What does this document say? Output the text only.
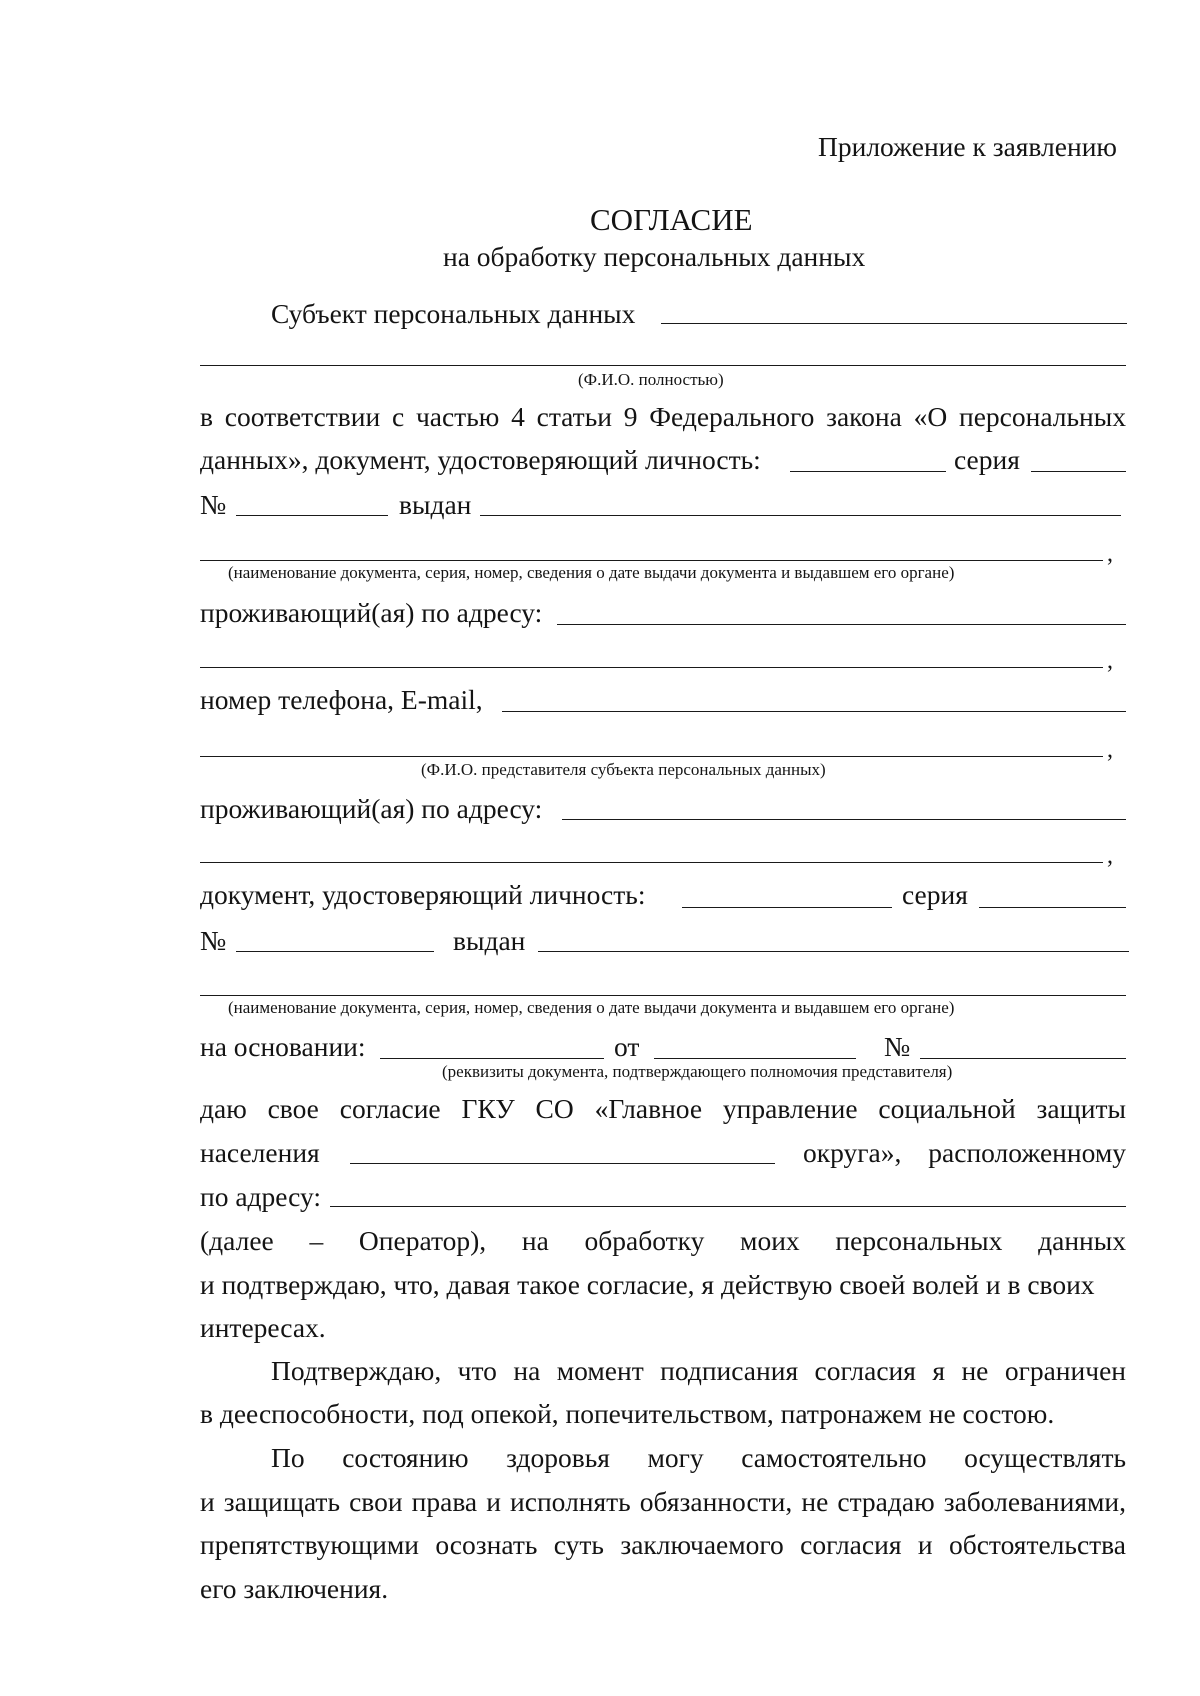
Приложение к заявлению
СОГЛАСИЕ
на обработку персональных данных
Субъект персональных данных
(Ф.И.О. полностью)
в соответствии с частью 4 статьи 9 Федерального закона «О персональных
данных», документ, удостоверяющий личность:	серия
№	выдан
,
(наименование документа, серия, номер, сведения о дате выдачи документа и выдавшем его органе)
проживающий(ая) по адресу:
,
номер телефона, E-mail,
,
(Ф.И.О. представителя субъекта персональных данных)
проживающий(ая) по адресу:
,
документ, удостоверяющий личность:	серия
№	выдан
(наименование документа, серия, номер, сведения о дате выдачи документа и выдавшем его органе)
на основании:	от	№
(реквизиты документа, подтверждающего полномочия представителя)
даю свое согласие ГКУ СО «Главное управление социальной защиты
населения	округа», расположенному
по адресу:
(далее – Оператор), на обработку моих персональных данных
и подтверждаю, что, давая такое согласие, я действую своей волей и в своих
интересах.
Подтверждаю, что на момент подписания согласия я не ограничен
в дееспособности, под опекой, попечительством, патронажем не состою.
По состоянию здоровья могу самостоятельно осуществлять
и защищать свои права и исполнять обязанности, не страдаю заболеваниями,
препятствующими осознать суть заключаемого согласия и обстоятельства
его заключения.
